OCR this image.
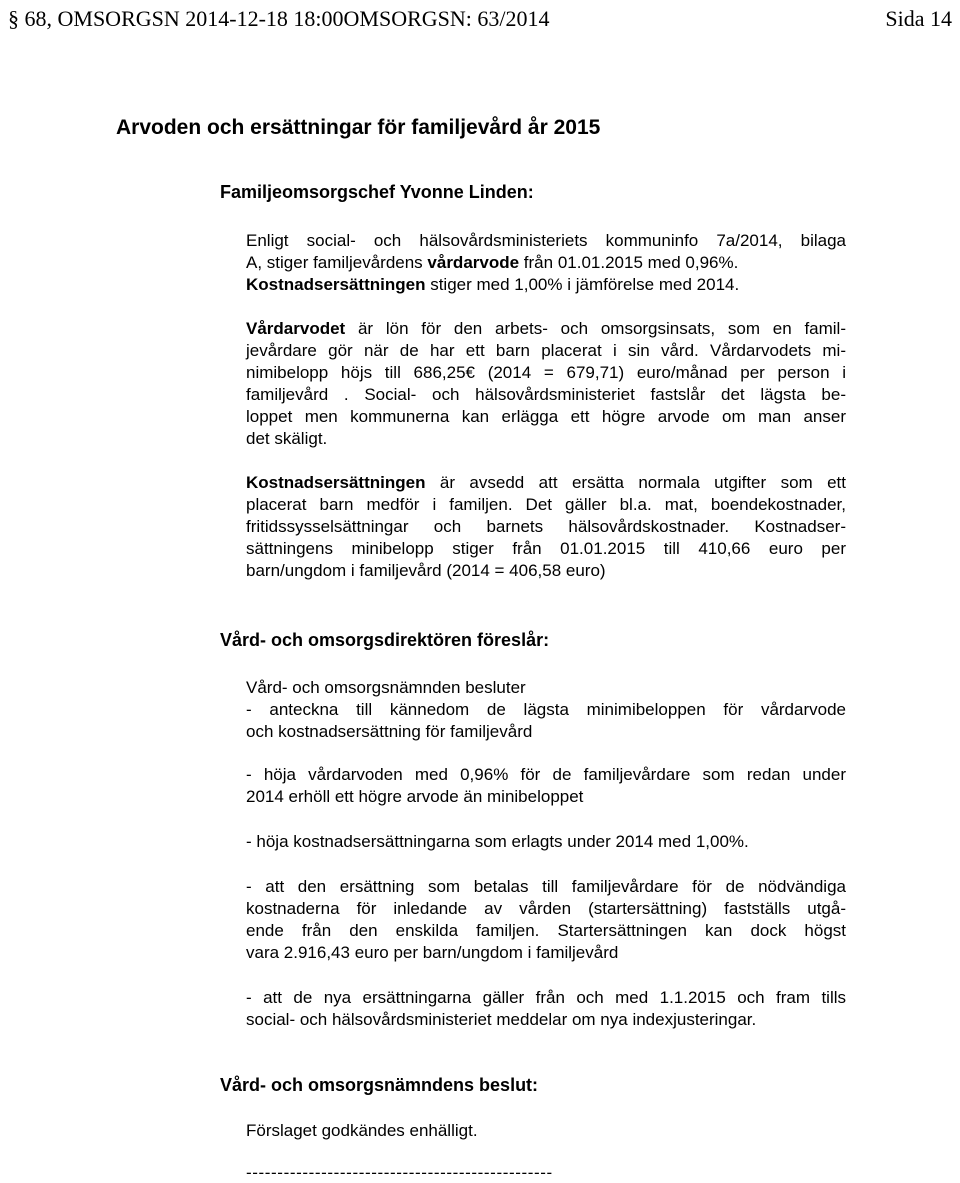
§ 68, OMSORGSN 2014-12-18 18:00OMSORGSN: 63/2014	Sida 14
Arvoden och ersättningar för familjevård år 2015
Familjeomsorgschef Yvonne Linden:
Enligt social- och hälsovårdsministeriets kommuninfo 7a/2014, bilaga
A, stiger familjevårdens vårdarvode från 01.01.2015 med 0,96%.
Kostnadsersättningen stiger med 1,00% i jämförelse med 2014.
Vårdarvodet är lön för den arbets- och omsorgsinsats, som en famil-
jevårdare gör när de har ett barn placerat i sin vård. Vårdarvodets mi-
nimibelopp höjs till 686,25€ (2014 = 679,71) euro/månad per person i
familjevård . Social- och hälsovårdsministeriet fastslår det lägsta be-
loppet men kommunerna kan erlägga ett högre arvode om man anser
det skäligt.
Kostnadsersättningen är avsedd att ersätta normala utgifter som ett
placerat barn medför i familjen. Det gäller bl.a. mat, boendekostnader,
fritidssysselsättningar och barnets hälsovårdskostnader. Kostnadser-
sättningens minibelopp stiger från 01.01.2015 till 410,66 euro per
barn/ungdom i familjevård (2014 = 406,58 euro)
Vård- och omsorgsdirektören föreslår:
Vård- och omsorgsnämnden besluter
- anteckna till kännedom de lägsta minimibeloppen för vårdarvode
och kostnadsersättning för familjevård
- höja vårdarvoden med 0,96% för de familjevårdare som redan under
2014 erhöll ett högre arvode än minibeloppet
- höja kostnadsersättningarna som erlagts under 2014 med 1,00%.
- att den ersättning som betalas till familjevårdare för de nödvändiga
kostnaderna för inledande av vården (startersättning) fastställs utgå-
ende från den enskilda familjen. Startersättningen kan dock högst
vara 2.916,43 euro per barn/ungdom i familjevård
- att de nya ersättningarna gäller från och med 1.1.2015 och fram tills
social- och hälsovårdsministeriet meddelar om nya indexjusteringar.
Vård- och omsorgsnämndens beslut:
Förslaget godkändes enhälligt.
-------------------------------------------------
